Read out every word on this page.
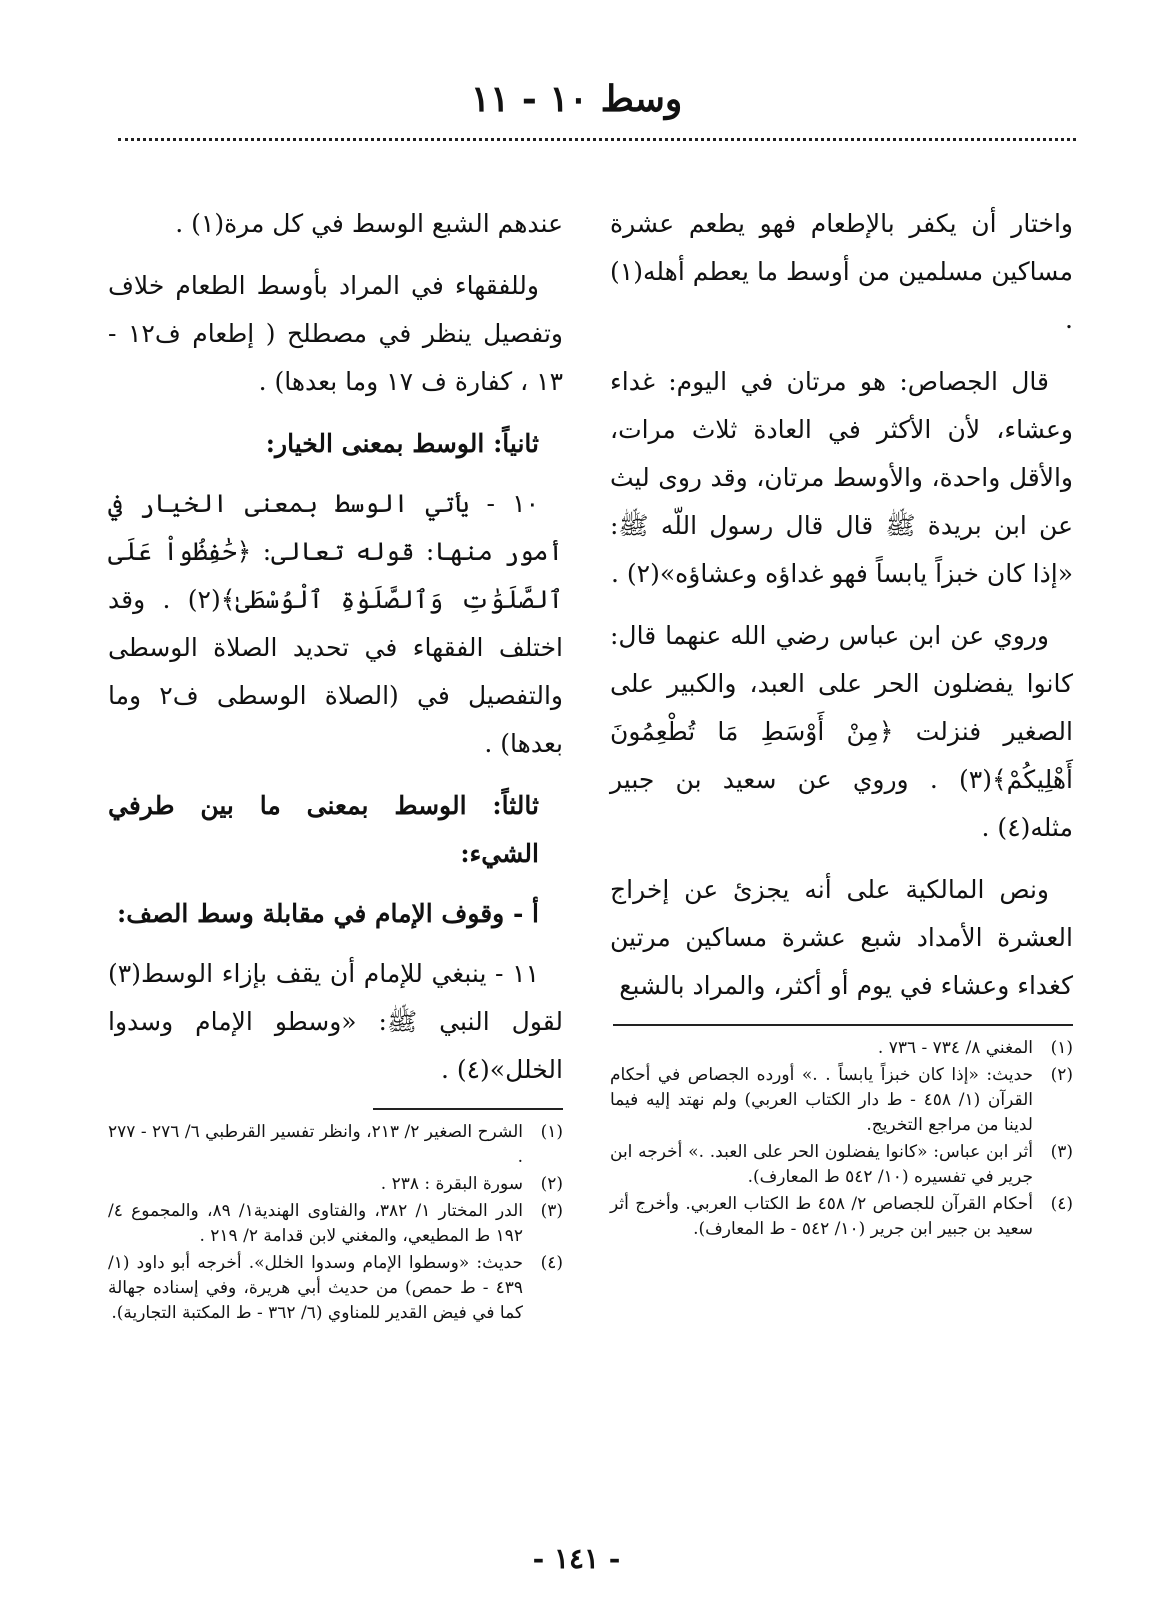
وسط ١٠ - ١١

واختار أن يكفر بالإطعام فهو يطعم عشرة مساكين مسلمين من أوسط ما يعطم أهله(١) .

قال الجصاص: هو مرتان في اليوم: غداء وعشاء، لأن الأكثر في العادة ثلاث مرات، والأقل واحدة، والأوسط مرتان، وقد روى ليث عن ابن بريدة ﷺ قال قال رسول اللّه ﷺ: «إذا كان خبزاً يابساً فهو غداؤه وعشاؤه»(٢) .

وروي عن ابن عباس رضي الله عنهما قال: كانوا يفضلون الحر على العبد، والكبير على الصغير فنزلت ﴿مِنْ أَوْسَطِ مَا تُطْعِمُونَ أَهْلِيكُمْ﴾(٣) . وروي عن سعيد بن جبير مثله(٤) .

ونص المالكية على أنه يجزئ عن إخراج العشرة الأمداد شبع عشرة مساكين مرتين كغداء وعشاء في يوم أو أكثر، والمراد بالشبع

(١)
المغني ٨/ ٧٣٤ - ٧٣٦ .
(٢)
حديث: «إذا كان خبزاً يابساً . .» أورده الجصاص في أحكام القرآن (١/ ٤٥٨ - ط دار الكتاب العربي) ولم نهتد إليه فيما لدينا من مراجع التخريج.
(٣)
أثر ابن عباس: «كانوا يفضلون الحر على العبد. .» أخرجه ابن جرير في تفسيره (١٠/ ٥٤٢ ط المعارف).
(٤)
أحكام القرآن للجصاص ٢/ ٤٥٨ ط الكتاب العربي. وأخرج أثر سعيد بن جبير ابن جرير (١٠/ ٥٤٢ - ط المعارف).

عندهم الشبع الوسط في كل مرة(١) .

وللفقهاء في المراد بأوسط الطعام خلاف وتفصيل ينظر في مصطلح ( إطعام ف١٢ - ١٣ ، كفارة ف ١٧ وما بعدها) .

ثانياً: الوسط بمعنى الخيار:

١٠ - يأتي الوسط بمعنى الخيار في أمور منها: قوله تعالى: ﴿حَٰفِظُواْ عَلَى ٱلصَّلَوَٰتِ وَٱلصَّلَوٰةِ ٱلْوُسْطَىٰ﴾(٢) . وقد اختلف الفقهاء في تحديد الصلاة الوسطى والتفصيل في (الصلاة الوسطى ف٢ وما بعدها) .

ثالثاً: الوسط بمعنى ما بين طرفي الشيء:

أ - وقوف الإمام في مقابلة وسط الصف:

١١ - ينبغي للإمام أن يقف بإزاء الوسط(٣) لقول النبي ﷺ: «وسطو الإمام وسدوا الخلل»(٤) .

(١)
الشرح الصغير ٢/ ٢١٣، وانظر تفسير القرطبي ٦/ ٢٧٦ - ٢٧٧ .
(٢)
سورة البقرة : ٢٣٨ .
(٣)
الدر المختار ١/ ٣٨٢، والفتاوى الهندية١/ ٨٩، والمجموع ٤/ ١٩٢ ط المطيعي، والمغني لابن قدامة ٢/ ٢١٩ .
(٤)
حديث: «وسطوا الإمام وسدوا الخلل». أخرجه أبو داود (١/ ٤٣٩ - ط حمص) من حديث أبي هريرة، وفي إسناده جهالة كما في فيض القدير للمناوي (٦/ ٣٦٢ - ط المكتبة التجارية).
- ١٤١ -
